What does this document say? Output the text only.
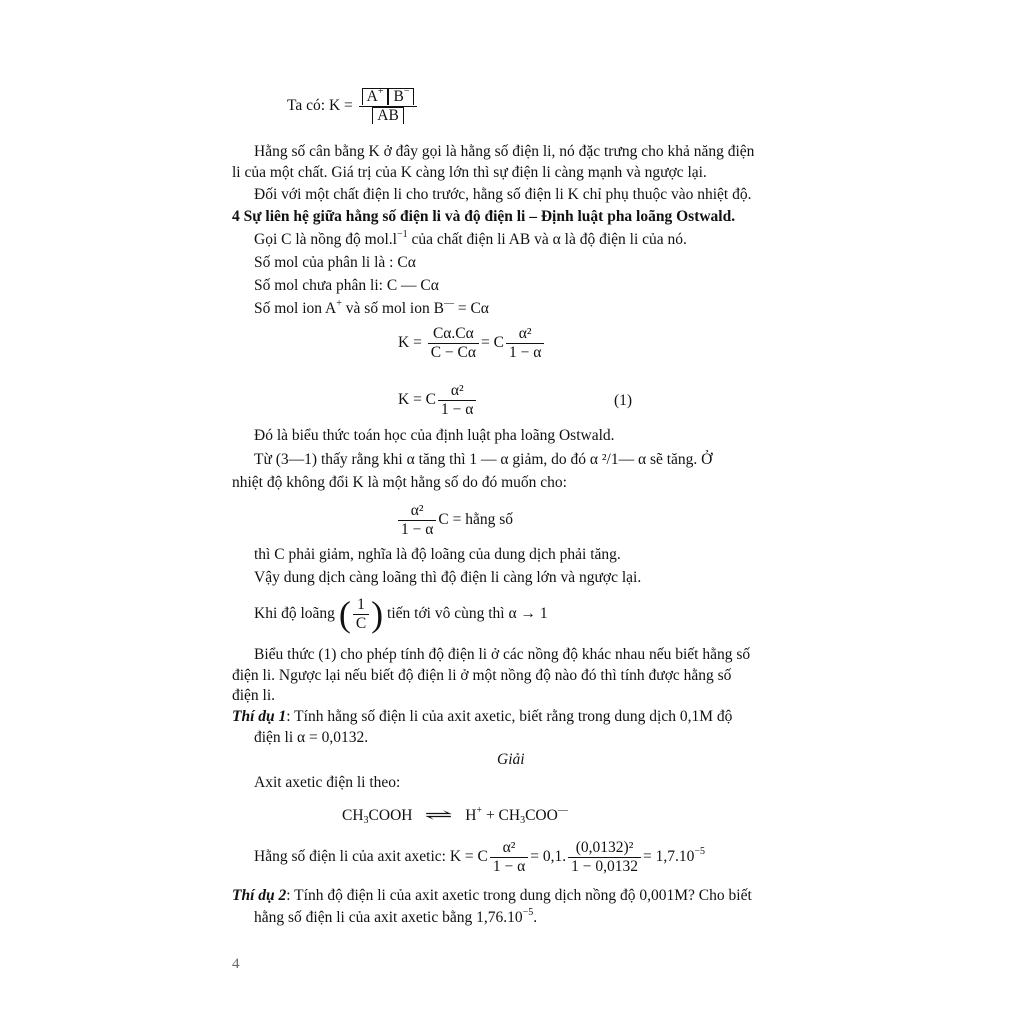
Ta có: $K = \frac{A^+ B^-}{AB}$
Hằng số cân bằng K ở đây gọi là hằng số điện li, nó đặc trưng cho khả năng điện
li của một chất. Giá trị của K càng lớn thì sự điện li càng mạnh và ngược lại.
Đối với một chất điện li cho trước, hằng số điện li K chỉ phụ thuộc vào nhiệt độ.
4 Sự liên hệ giữa hằng số điện li và độ điện li – Định luật pha loãng Ostwald.
Gọi C là nồng độ $mol.l^{-1}$ của chất điện li AB và α là độ điện li của nó.
Số mol của phân li là : Cα
Số mol chưa phân li: C — Cα
Số mol ion A+ và số mol ion B— = Cα
$K = \frac{C\alpha.C\alpha}{C - C\alpha} = C \frac{\text{α²}}{1 - \alpha}$
K = C $\frac{\text{α²}}{1 - \alpha}$	(1)
Đó là biểu thức toán học của định luật pha loãng Ostwald.
Từ (3—1) thấy rằng khi α tăng thì 1 — α giảm, do đó α ²/1— α sẽ tăng. Ở
nhiệt độ không đổi K là một hằng số do đó muốn cho:
$\frac{\text{α²}}{1 - \alpha}$ C = hằng số
thì C phải giảm, nghĩa là độ loãng của dung dịch phải tăng.
Vậy dung dịch càng loãng thì độ điện li càng lớn và ngược lại.
Khi độ loãng ( $\frac{1}{C}$ ) tiến tới vô cùng thì α → 1
Biểu thức (1) cho phép tính độ điện li ở các nồng độ khác nhau nếu biết hằng số
điện li. Ngược lại nếu biết độ điện li ở một nồng độ nào đó thì tính được hằng số
điện li.
Thí dụ 1: Tính hằng số điện li của axit axetic, biết rằng trong dung dịch 0,1M độ
điện li α = 0,0132.
Giải
Axit axetic điện li theo:
$CH_3COOH$ ⇌ $H^+ + CH_3COO^—$
Hằng số điện li của axit axetic: K = C $\frac{\text{α²}}{1 - \alpha} = 0,1$. $\frac{\text{(0,0132)²}}{1 - 0,0132} = 1,7.10^{-5}$
Thí dụ 2: Tính độ điện li của axit axetic trong dung dịch nồng độ 0,001M? Cho biết
hằng số điện li của axit axetic bằng $1,76.10^{-5}$.
4
